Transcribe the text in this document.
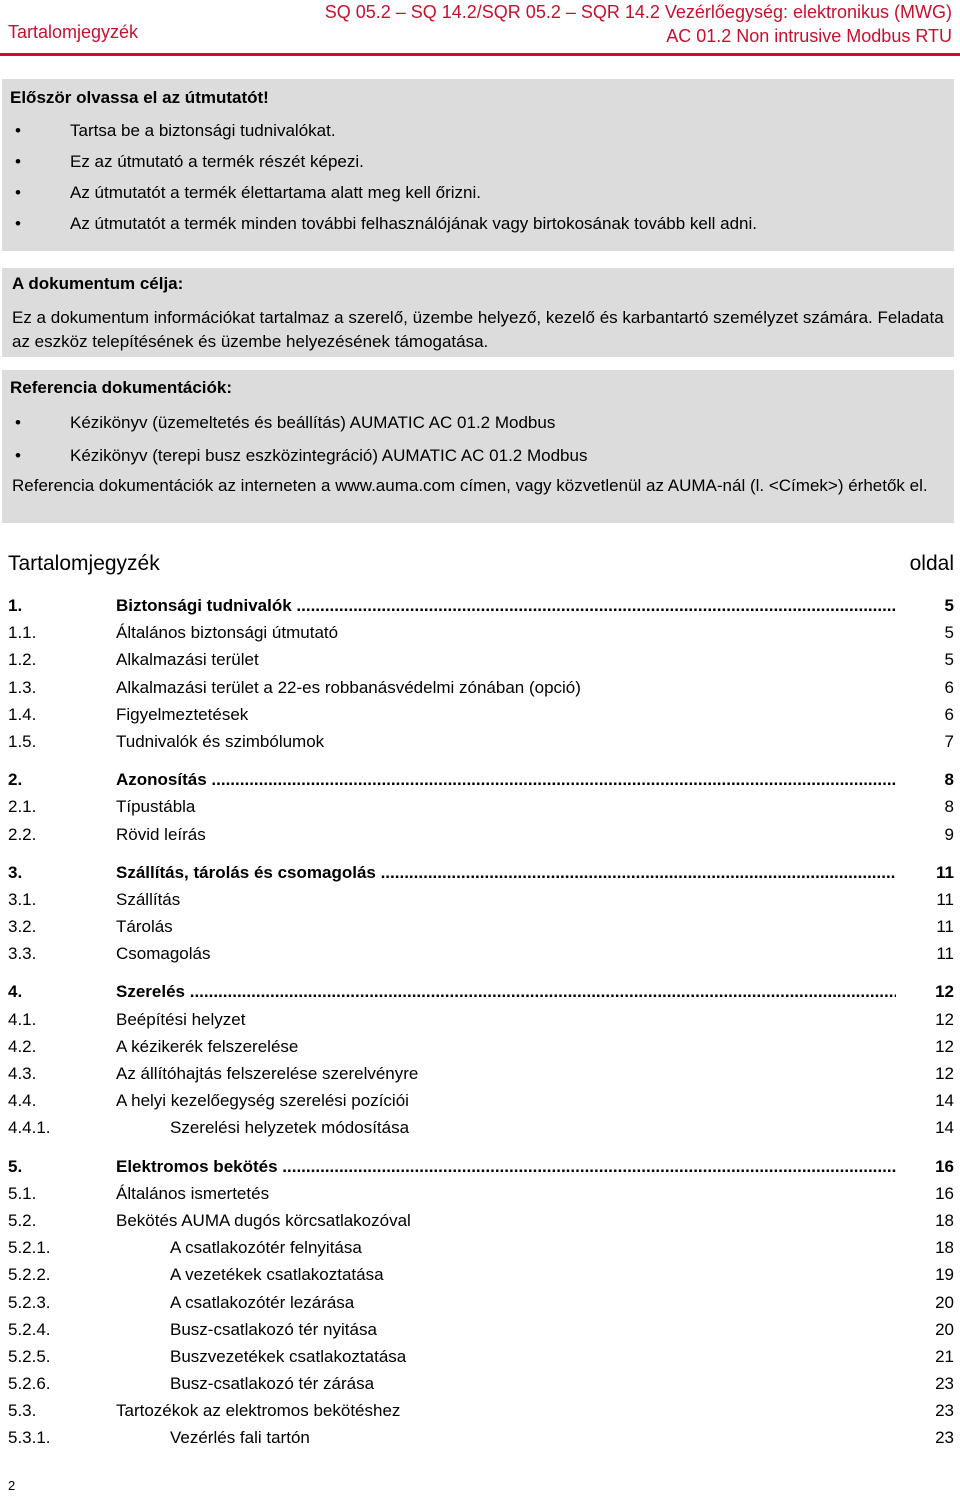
Tartalomjegyzék
SQ 05.2 – SQ 14.2/SQR 05.2 – SQR 14.2 Vezérlőegység: elektronikus (MWG)
AC 01.2 Non intrusive Modbus RTU
Először olvassa el az útmutatót!
•	Tartsa be a biztonsági tudnivalókat.
•	Ez az útmutató a termék részét képezi.
•	Az útmutatót a termék élettartama alatt meg kell őrizni.
•	Az útmutatót a termék minden további felhasználójának vagy birtokosának tovább kell adni.
A dokumentum célja:
Ez a dokumentum információkat tartalmaz a szerelő, üzembe helyező, kezelő és karbantartó személyzet számára. Feladata az eszköz telepítésének és üzembe helyezésének támogatása.
Referencia dokumentációk:
•	Kézikönyv (üzemeltetés és beállítás) AUMATIC AC 01.2 Modbus
•	Kézikönyv (terepi busz eszközintegráció) AUMATIC AC 01.2 Modbus
Referencia dokumentációk az interneten a www.auma.com címen, vagy közvetlenül az AUMA-nál (l. <Címek>) érhetők el.
Tartalomjegyzék	oldal
1.	Biztonsági tudnivalók .....	5
1.1.	Általános biztonsági útmutató	5
1.2.	Alkalmazási terület	5
1.3.	Alkalmazási terület a 22-es robbanásvédelmi zónában (opció)	6
1.4.	Figyelmeztetések	6
1.5.	Tudnivalók és szimbólumok	7
2.	Azonosítás .....	8
2.1.	Típustábla	8
2.2.	Rövid leírás	9
3.	Szállítás, tárolás és csomagolás .....	11
3.1.	Szállítás	11
3.2.	Tárolás	11
3.3.	Csomagolás	11
4.	Szerelés .....	12
4.1.	Beépítési helyzet	12
4.2.	A kézikerék felszerelése	12
4.3.	Az állítóhajtás felszerelése szerelvényre	12
4.4.	A helyi kezelőegység szerelési pozíciói	14
4.4.1.	Szerelési helyzetek módosítása	14
5.	Elektromos bekötés .....	16
5.1.	Általános ismertetés	16
5.2.	Bekötés AUMA dugós körcsatlakozóval	18
5.2.1.	A csatlakozótér felnyitása	18
5.2.2.	A vezetékek csatlakoztatása	19
5.2.3.	A csatlakozótér lezárása	20
5.2.4.	Busz-csatlakozó tér nyitása	20
5.2.5.	Buszvezetékek csatlakoztatása	21
5.2.6.	Busz-csatlakozó tér zárása	23
5.3.	Tartozékok az elektromos bekötéshez	23
5.3.1.	Vezérlés fali tartón	23
2
